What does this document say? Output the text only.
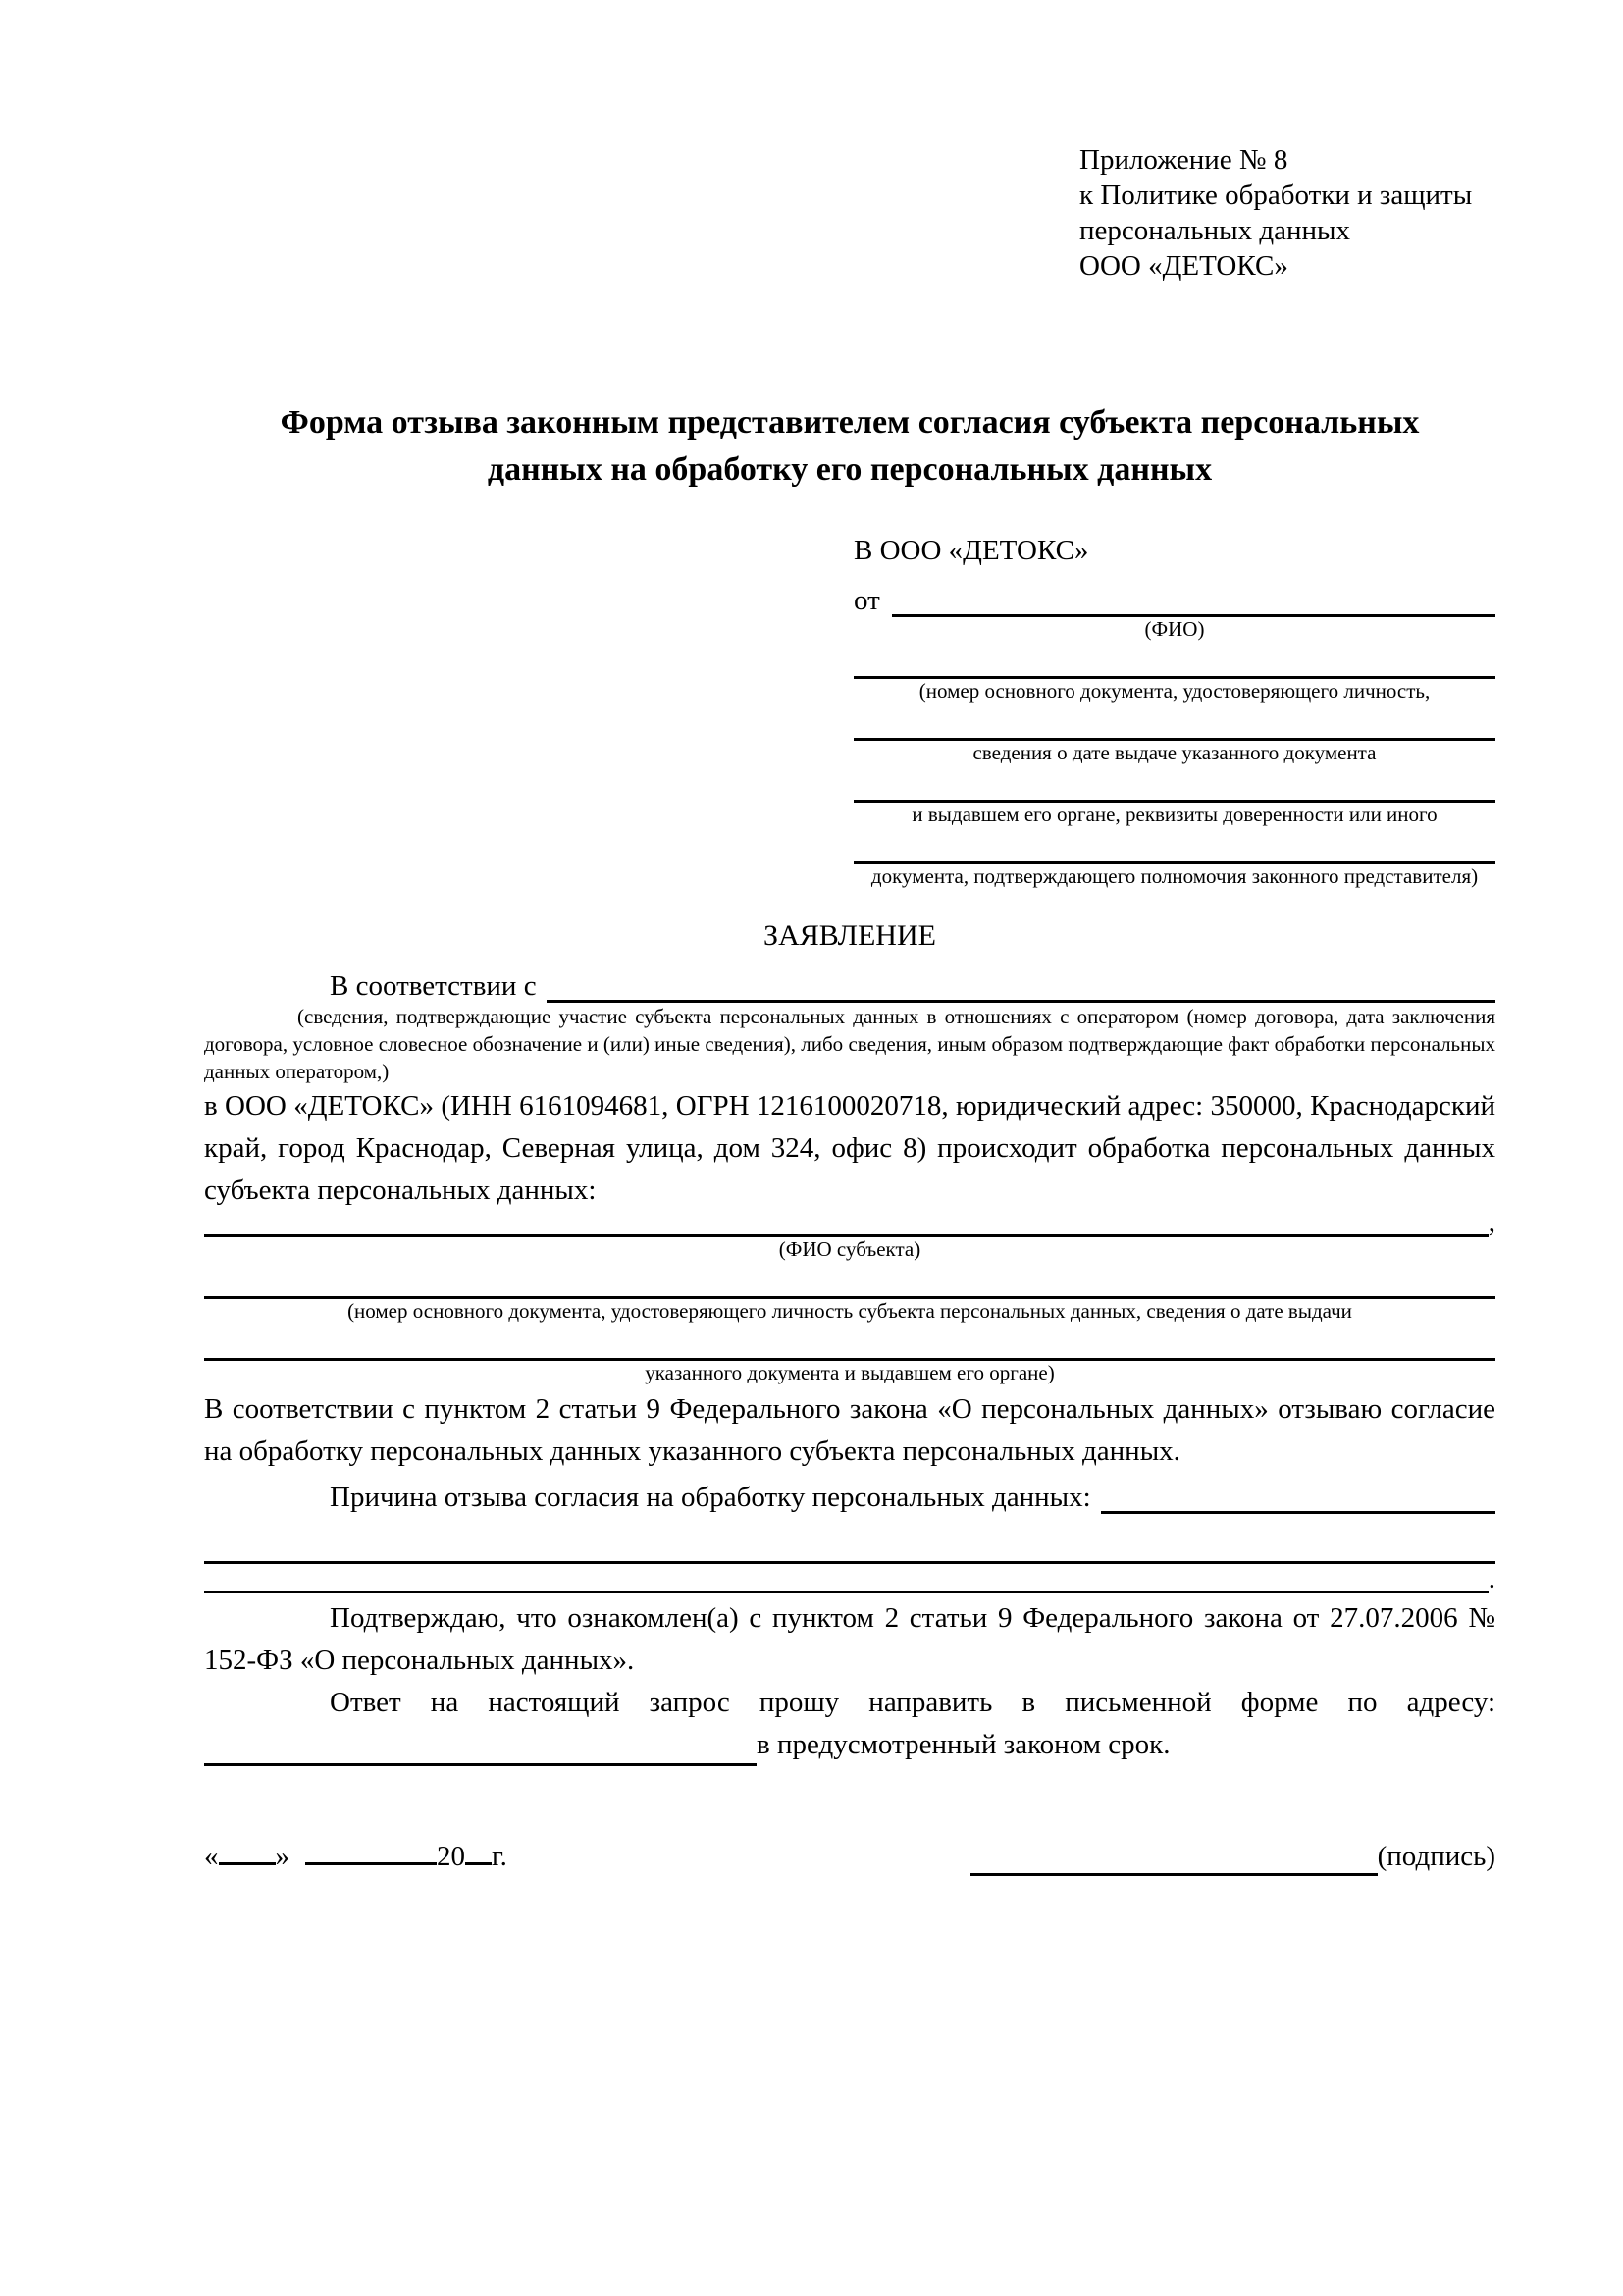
Приложение № 8
к Политике обработки и защиты
персональных данных
ООО «ДЕТОКС»
Форма отзыва законным представителем согласия субъекта персональных данных на обработку его персональных данных
В ООО «ДЕТОКС»
от
(ФИО)
(номер основного документа, удостоверяющего личность,
сведения о дате выдаче указанного документа
и выдавшем его органе, реквизиты доверенности или иного
документа, подтверждающего полномочия законного представителя)
ЗАЯВЛЕНИЕ
В соответствии с
(сведения, подтверждающие участие субъекта персональных данных в отношениях с оператором (номер договора, дата заключения договора, условное словесное обозначение и (или) иные сведения), либо сведения, иным образом подтверждающие факт обработки персональных данных оператором,)
в ООО «ДЕТОКС» (ИНН 6161094681, ОГРН 1216100020718, юридический адрес: 350000, Краснодарский край, город Краснодар, Северная улица, дом 324, офис 8) происходит обработка персональных данных субъекта персональных данных:
,
(ФИО субъекта)
(номер основного документа, удостоверяющего личность субъекта персональных данных, сведения о дате выдачи
указанного документа и выдавшем его органе)
В соответствии с пунктом 2 статьи 9 Федерального закона «О персональных данных» отзываю согласие на обработку персональных данных указанного субъекта персональных данных.
Причина отзыва согласия на обработку персональных данных:
.
Подтверждаю, что ознакомлен(а) с пунктом 2 статьи 9 Федерального закона от 27.07.2006 № 152-ФЗ «О персональных данных».
Ответ на настоящий запрос прошу направить в письменной форме по адресу:
в предусмотренный законом срок.
« »	20 г.	(подпись)
